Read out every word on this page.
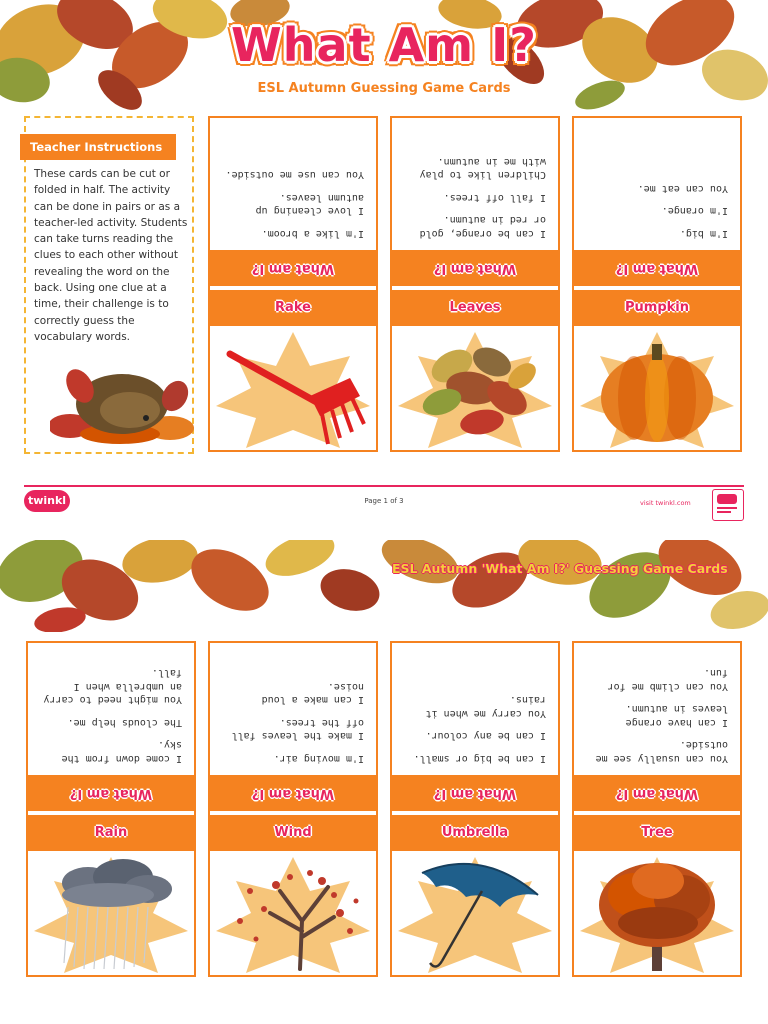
What Am I?
ESL Autumn Guessing Game Cards
Teacher Instructions
These cards can be cut or folded in half. The activity can be done in pairs or as a teacher-led activity. Students can take turns reading the clues to each other without revealing the word on the back. Using one clue at a time, their challenge is to correctly guess the vocabulary words.

I'm like a broom.

I love cleaning up autumn leaves.

You can use me outside.

What am I?
Rake

I can be orange, gold or red in autumn.

I fall off trees.

Children like to play with me in autumn.

What am I?
Leaves

I'm big.

I'm orange.

You can eat me.

What am I?
Pumpkin
twinkl	Page 1 of 3	visit twinkl.com
ESL Autumn 'What Am I?' Guessing Game Cards

I come down from the sky.

The clouds help me.

You might need to carry an umbrella when I fall.

What am I?
Rain

I'm moving air.

I make the leaves fall off the trees.

I can make a loud noise.

What am I?
Wind

I can be big or small.

I can be any colour.

You carry me when it rains.

What am I?
Umbrella

You can usually see me outside.

I can have orange leaves in autumn.

You can climb me for fun.

What am I?
Tree
